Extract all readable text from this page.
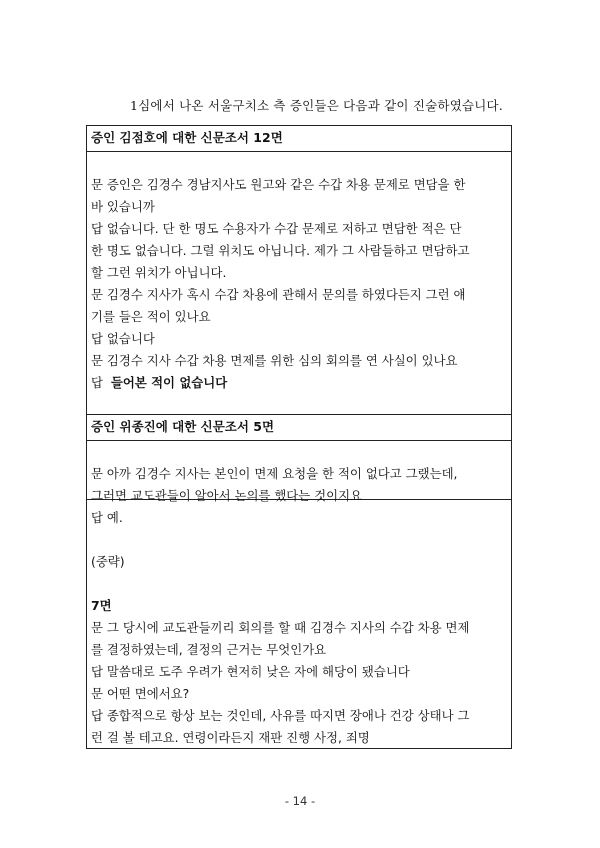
1심에서 나온 서울구치소 측 증인들은 다음과 같이 진술하였습니다.
증인 김점호에 대한 신문조서 12면
문 증인은 김경수 경남지사도 원고와 같은 수갑 차용 문제로 면담을 한
바 있습니까
답 없습니다. 단 한 명도 수용자가 수갑 문제로 저하고 면담한 적은 단
한 명도 없습니다. 그럴 위치도 아닙니다. 제가 그 사람들하고 면담하고
할 그런 위치가 아닙니다.
문 김경수 지사가 혹시 수갑 차용에 관해서 문의를 하였다든지 그런 얘
기를 들은 적이 있나요
답 없습니다
문 김경수 지사 수갑 차용 면제를 위한 심의 회의를 연 사실이 있나요
답  들어본 적이 없습니다
증인 위종진에 대한 신문조서 5면
문 아까 김경수 지사는 본인이 면제 요청을 한 적이 없다고 그랬는데,
그러면 교도관들이 알아서 논의를 했다는 것이지요
답 예.
(중략)
7면
문 그 당시에 교도관들끼리 회의를 할 때 김경수 지사의 수갑 차용 면제
를 결정하였는데, 결정의 근거는 무엇인가요
답 말씀대로 도주 우려가 현저히 낮은 자에 해당이 됐습니다
문 어떤 면에서요?
답 종합적으로 항상 보는 것인데, 사유를 따지면 장애나 건강 상태나 그
런 걸 볼 테고요. 연령이라든지 재판 진행 사정, 죄명
- 14 -
